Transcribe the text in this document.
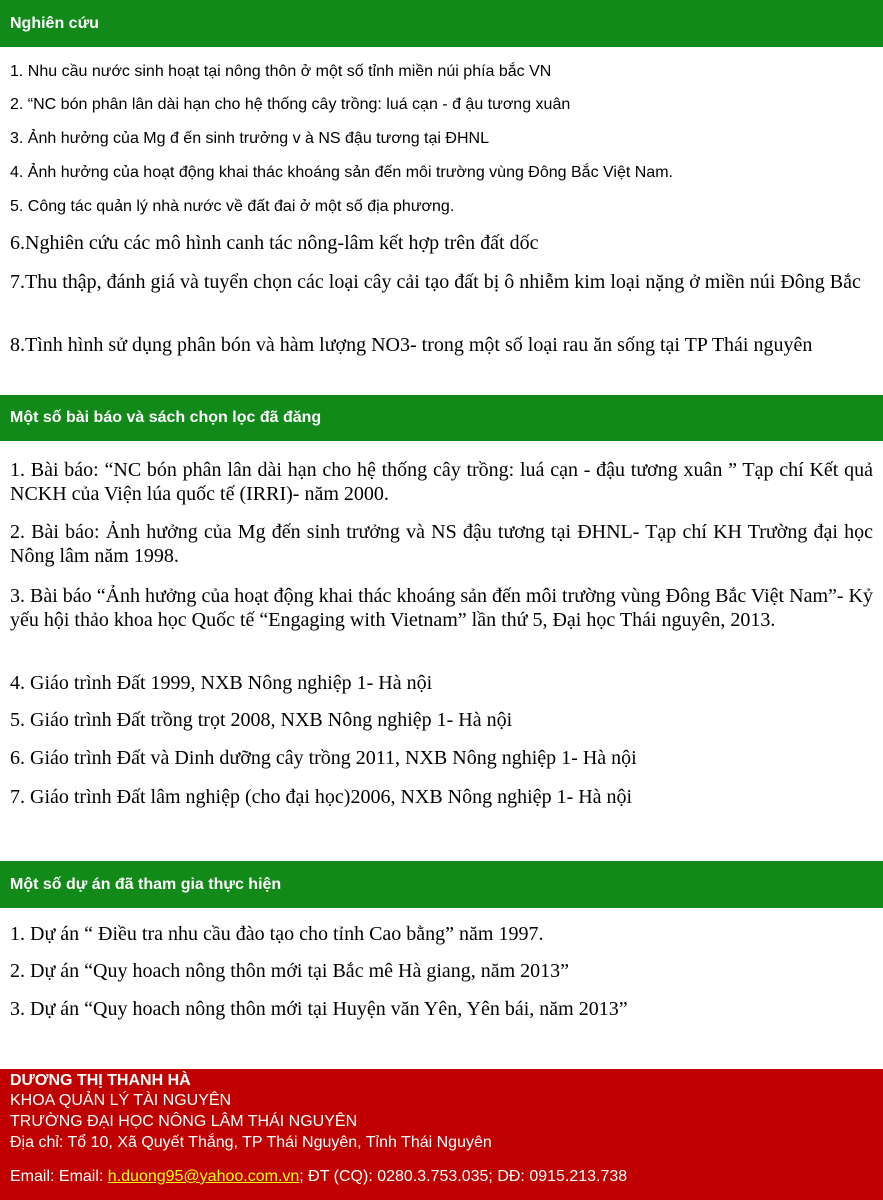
Nghiên cứu
1. Nhu cầu nước sinh hoạt tại nông thôn ở một số tỉnh miền núi phía bắc VN
2. “NC bón phân lân dài hạn cho hệ thống cây trồng: luá cạn - đ ậu tương xuân
3. Ảnh hưởng của Mg đ ến sinh trưởng v à NS đậu tương tại ĐHNL
4. Ảnh hưởng của hoạt động khai thác khoáng sản đến môi trường vùng Đông Bắc Việt Nam.
5. Công tác quản lý nhà nước về đất đai ở một số địa phương.
6.Nghiên cứu các mô hình canh tác nông-lâm kết hợp trên đất dốc
7.Thu thập, đánh giá và tuyển chọn các loại cây cải tạo đất bị ô nhiễm kim loại nặng ở miền núi Đông Bắc
8.Tình hình sử dụng phân bón và hàm lượng NO3- trong một số loại rau ăn sống tại TP Thái nguyên
Một số bài báo và sách chọn lọc đã đăng
1. Bài báo: “NC bón phân lân dài hạn cho hệ thống cây trồng: luá cạn - đậu tương xuân ” Tạp chí Kết quả NCKH của Viện lúa quốc tế (IRRI)- năm 2000.
2. Bài báo: Ảnh hưởng của Mg đến sinh trưởng và NS đậu tương tại ĐHNL- Tạp chí KH Trường đại học Nông lâm năm 1998.
3. Bài báo “Ảnh hưởng của hoạt động khai thác khoáng sản đến môi trường vùng Đông Bắc Việt Nam”- Kỷ yếu hội thảo khoa học Quốc tế “Engaging with Vietnam” lần thứ 5, Đại học Thái nguyên, 2013.
4. Giáo trình Đất 1999, NXB Nông nghiệp 1- Hà nội
5. Giáo trình Đất trồng trọt 2008, NXB Nông nghiệp 1- Hà nội
6. Giáo trình Đất và Dinh dưỡng cây trồng 2011, NXB Nông nghiệp 1- Hà nội
7. Giáo trình Đất lâm nghiệp (cho đại học)2006, NXB Nông nghiệp 1- Hà nội
Một số dự án đã tham gia thực hiện
1. Dự án “ Điều tra nhu cầu đào tạo cho tỉnh Cao bằng” năm 1997.
2. Dự án “Quy hoach nông thôn mới tại Bắc mê Hà giang, năm 2013”
3. Dự án “Quy hoach nông thôn mới tại Huyện văn Yên, Yên bái, năm 2013”
DƯƠNG THỊ THANH HÀ
KHOA QUẢN LÝ TÀI NGUYÊN
TRƯỜNG ĐẠI HỌC NÔNG LÂM THÁI NGUYÊN
Địa chỉ: Tổ 10, Xã Quyết Thắng, TP Thái Nguyên, Tỉnh Thái Nguyên
Email: Email: h.duong95@yahoo.com.vn; ĐT (CQ): 0280.3.753.035; DĐ: 0915.213.738
